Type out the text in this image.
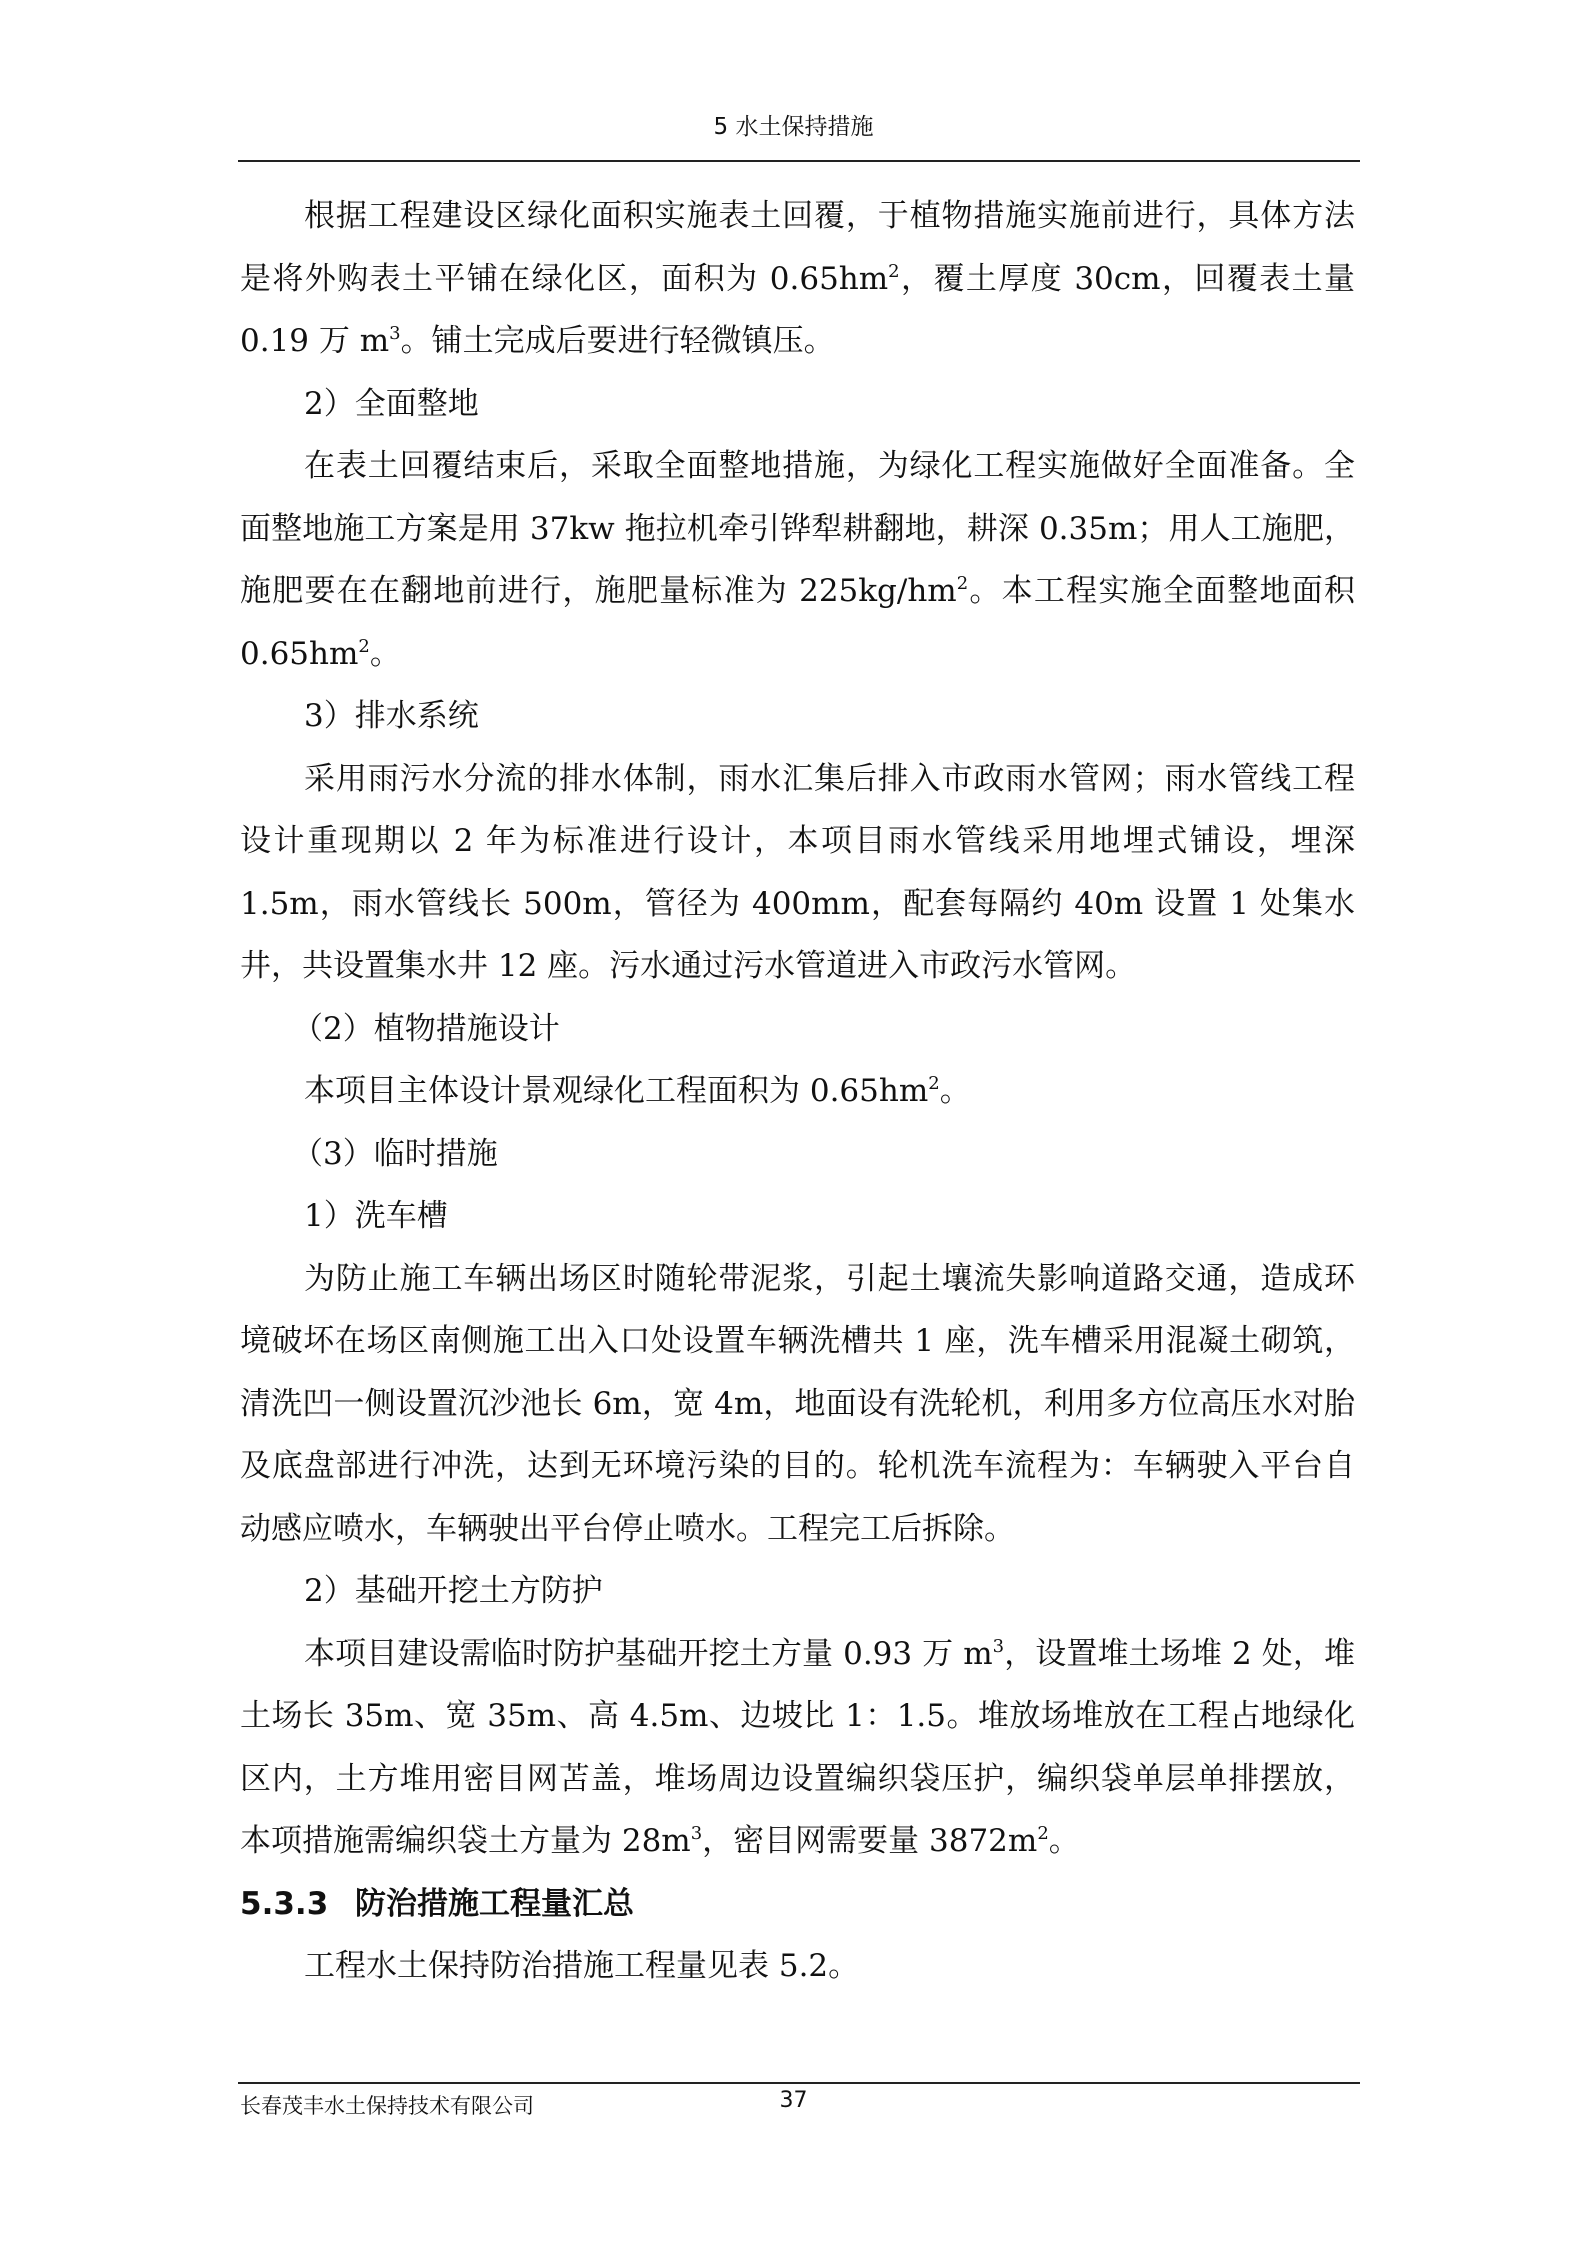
5 水土保持措施

根据工程建设区绿化面积实施表土回覆，于植物措施实施前进行，具体方法是将外购表土平铺在绿化区，面积为 $0.65hm^2$，覆土厚度 30cm，回覆表土量 0.19 万 $m^3$。铺土完成后要进行轻微镇压。

2）全面整地

在表土回覆结束后，采取全面整地措施，为绿化工程实施做好全面准备。全面整地施工方案是用 37kw 拖拉机牵引铧犁耕翻地，耕深 0.35m；用人工施肥，施肥要在在翻地前进行，施肥量标准为 $225kg/hm^2$。本工程实施全面整地面积 $0.65hm^2$。

3）排水系统

采用雨污水分流的排水体制，雨水汇集后排入市政雨水管网；雨水管线工程设计重现期以 2 年为标准进行设计，本项目雨水管线采用地埋式铺设，埋深 1.5m，雨水管线长 500m，管径为 400mm，配套每隔约 40m 设置 1 处集水井，共设置集水井 12 座。污水通过污水管道进入市政污水管网。

（2）植物措施设计

本项目主体设计景观绿化工程面积为 $0.65hm^2$。

（3）临时措施

1）洗车槽

为防止施工车辆出场区时随轮带泥浆，引起土壤流失影响道路交通，造成环境破坏在场区南侧施工出入口处设置车辆洗槽共 1 座，洗车槽采用混凝土砌筑，清洗凹一侧设置沉沙池长 6m，宽 4m，地面设有洗轮机，利用多方位高压水对胎及底盘部进行冲洗，达到无环境污染的目的。轮机洗车流程为：车辆驶入平台自动感应喷水，车辆驶出平台停止喷水。工程完工后拆除。

2）基础开挖土方防护

本项目建设需临时防护基础开挖土方量 0.93 万 $m^3$，设置堆土场堆 2 处，堆土场长 35m、宽 35m、高 4.5m、边坡比 1：1.5。堆放场堆放在工程占地绿化区内，土方堆用密目网苫盖，堆场周边设置编织袋压护，编织袋单层单排摆放，本项措施需编织袋土方量为 $28m^3$，密目网需要量 $3872m^2$。

5.3.3 防治措施工程量汇总

工程水土保持防治措施工程量见表 5.2。

长春茂丰水土保持技术有限公司	37
